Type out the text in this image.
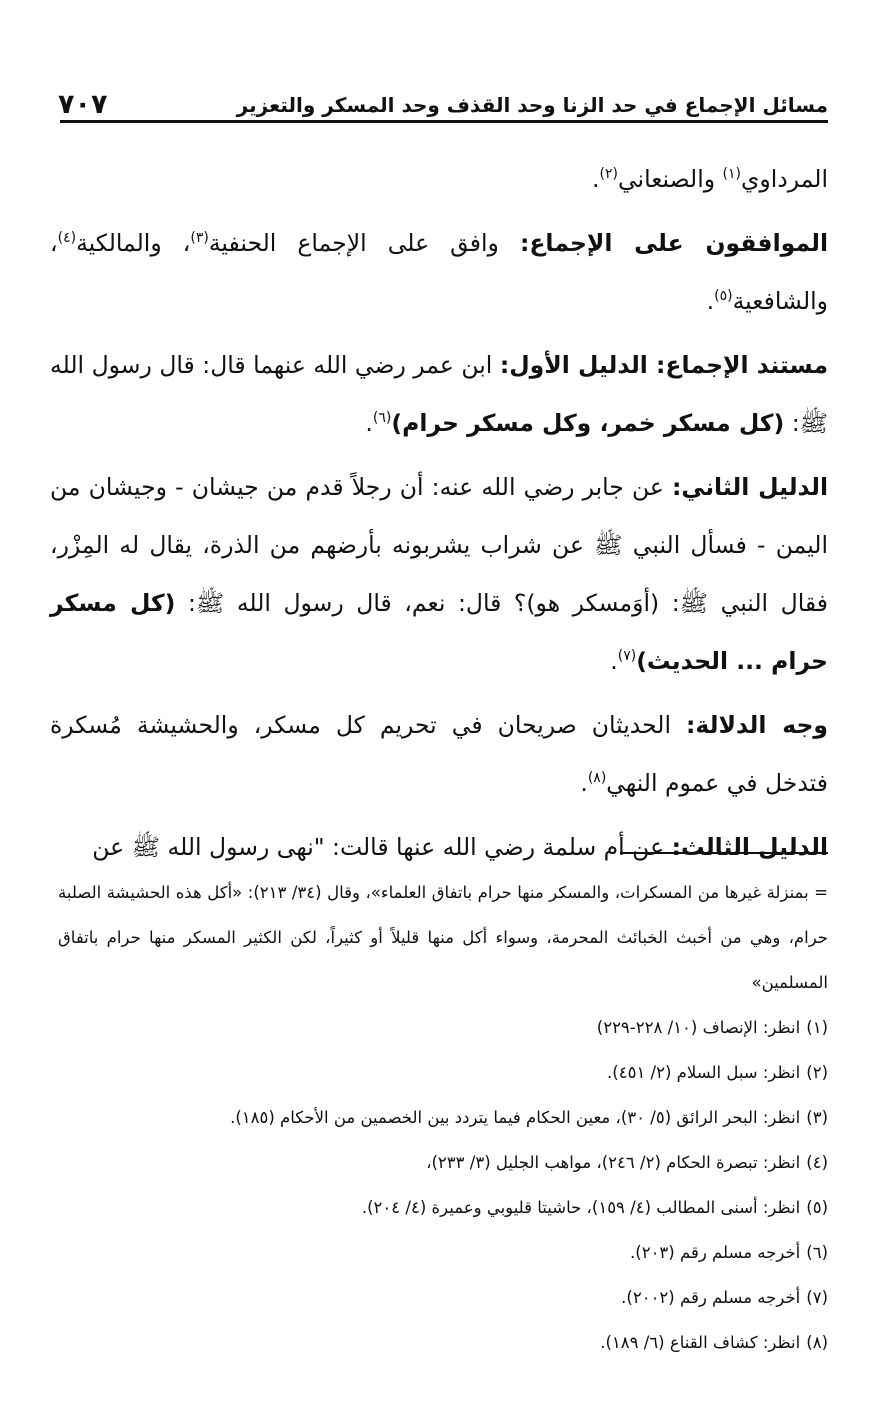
مسائل الإجماع في حد الزنا وحد القذف وحد المسكر والتعزير
٧٠٧

المرداوي$^{(١)}$ والصنعاني$^{(٢)}$.

الموافقون على الإجماع: وافق على الإجماع الحنفية$^{(٣)}$، والمالكية$^{(٤)}$، والشافعية$^{(٥)}$.

مستند الإجماع: الدليل الأول: ابن عمر رضي الله عنهما قال: قال رسول الله ﷺ: (كل مسكر خمر، وكل مسكر حرام)$^{(٦)}$.

الدليل الثاني: عن جابر رضي الله عنه: أن رجلاً قدم من جيشان - وجيشان من اليمن - فسأل النبي ﷺ عن شراب يشربونه بأرضهم من الذرة، يقال له المِزْر، فقال النبي ﷺ: (أوَمسكر هو)؟ قال: نعم، قال رسول الله ﷺ: (كل مسكر حرام ... الحديث)$^{(٧)}$.

وجه الدلالة: الحديثان صريحان في تحريم كل مسكر، والحشيشة مُسكرة فتدخل في عموم النهي$^{(٨)}$.

الدليل الثالث: عن أم سلمة رضي الله عنها قالت: "نهى رسول الله ﷺ عن

= بمنزلة غيرها من المسكرات، والمسكر منها حرام باتفاق العلماء»، وقال (٣٤/ ٢١٣): «أكل هذه الحشيشة الصلبة حرام، وهي من أخبث الخبائث المحرمة، وسواء أكل منها قليلاً أو كثيراً، لكن الكثير المسكر منها حرام باتفاق المسلمين»

(١)انظر: الإنصاف (١٠/ ٢٢٨-٢٢٩)
(٢)انظر: سبل السلام (٢/ ٤٥١).
(٣)انظر: البحر الرائق (٥/ ٣٠)، معين الحكام فيما يتردد بين الخصمين من الأحكام (١٨٥).
(٤)انظر: تبصرة الحكام (٢/ ٢٤٦)، مواهب الجليل (٣/ ٢٣٣)،
(٥)انظر: أسنى المطالب (٤/ ١٥٩)، حاشيتا قليوبي وعميرة (٤/ ٢٠٤).
(٦)أخرجه مسلم رقم (٢٠٣).
(٧)أخرجه مسلم رقم (٢٠٠٢).
(٨)انظر: كشاف القناع (٦/ ١٨٩).
